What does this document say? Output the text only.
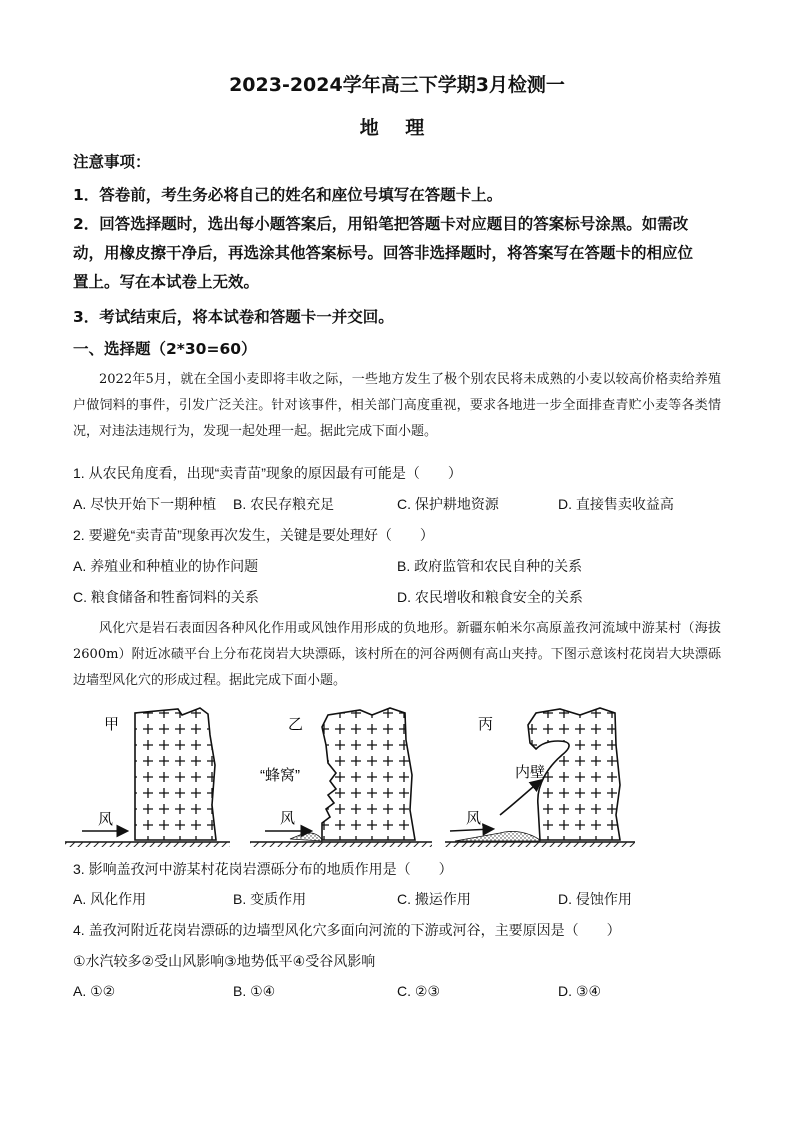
2023-2024学年高三下学期3月检测一
地 理
注意事项：
1．答卷前，考生务必将自己的姓名和座位号填写在答题卡上。
2．回答选择题时，选出每小题答案后，用铅笔把答题卡对应题目的答案标号涂黑。如需改
动，用橡皮擦干净后，再选涂其他答案标号。回答非选择题时，将答案写在答题卡的相应位
置上。写在本试卷上无效。
3．考试结束后，将本试卷和答题卡一并交回。
一、选择题（2*30=60）
2022年5月，就在全国小麦即将丰收之际，一些地方发生了极个别农民将未成熟的小麦以较高价格卖给养殖户做饲料的事件，引发广泛关注。针对该事件，相关部门高度重视，要求各地进一步全面排查青贮小麦等各类情况，对违法违规行为，发现一起处理一起。据此完成下面小题。
1. 从农民角度看，出现“卖青苗”现象的原因最有可能是（　　）
A. 尽快开始下一期种植 B. 农民存粮充足	C. 保护耕地资源	D. 直接售卖收益高
2. 要避免“卖青苗”现象再次发生，关键是要处理好（　　）
A. 养殖业和种植业的协作问题	B. 政府监管和农民自种的关系
C. 粮食储备和牲畜饲料的关系	D. 农民增收和粮食安全的关系
风化穴是岩石表面因各种风化作用或风蚀作用形成的负地形。新疆东帕米尔高原盖孜河流域中游某村（海拔2600m）附近冰碛平台上分布花岗岩大块漂砾，该村所在的河谷两侧有高山夹持。下图示意该村花岗岩大块漂砾边墙型风化穴的形成过程。据此完成下面小题。
甲
风
乙
“蜂窝”
风
丙
内壁
风
3. 影响盖孜河中游某村花岗岩漂砾分布的地质作用是（　　）
A. 风化作用	B. 变质作用	C. 搬运作用	D. 侵蚀作用
4. 盖孜河附近花岗岩漂砾的边墙型风化穴多面向河流的下游或河谷，主要原因是（　　）
①水汽较多②受山风影响③地势低平④受谷风影响
A. ①②	B. ①④	C. ②③	D. ③④
